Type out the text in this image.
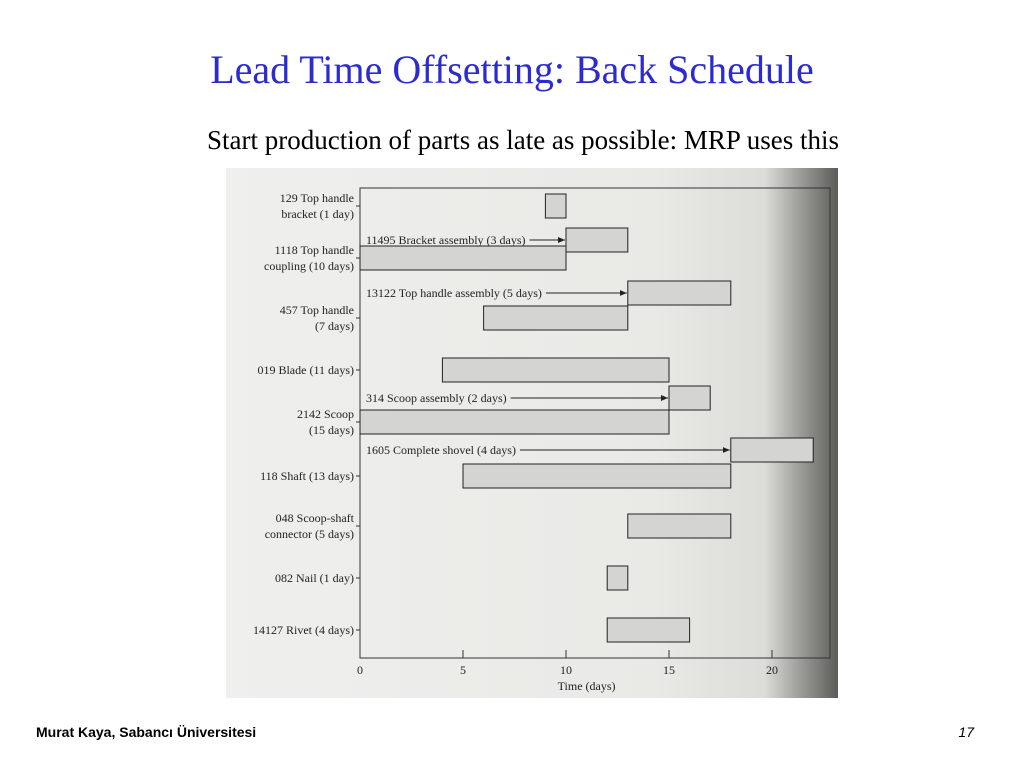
Lead Time Offsetting: Back Schedule
Start production of parts as late as possible: MRP uses this
129 Top handle
bracket (1 day)
1118 Top handle
coupling (10 days)
457 Top handle
(7 days)
019 Blade (11 days)
2142 Scoop
(15 days)
118 Shaft (13 days)
048 Scoop-shaft
connector (5 days)
082 Nail (1 day)
14127 Rivet (4 days)
11495 Bracket assembly (3 days)
13122 Top handle assembly (5 days)
314 Scoop assembly (2 days)
1605 Complete shovel (4 days)
0	5	10	15	20
Time (days)
Murat Kaya, Sabancı Üniversitesi	17
